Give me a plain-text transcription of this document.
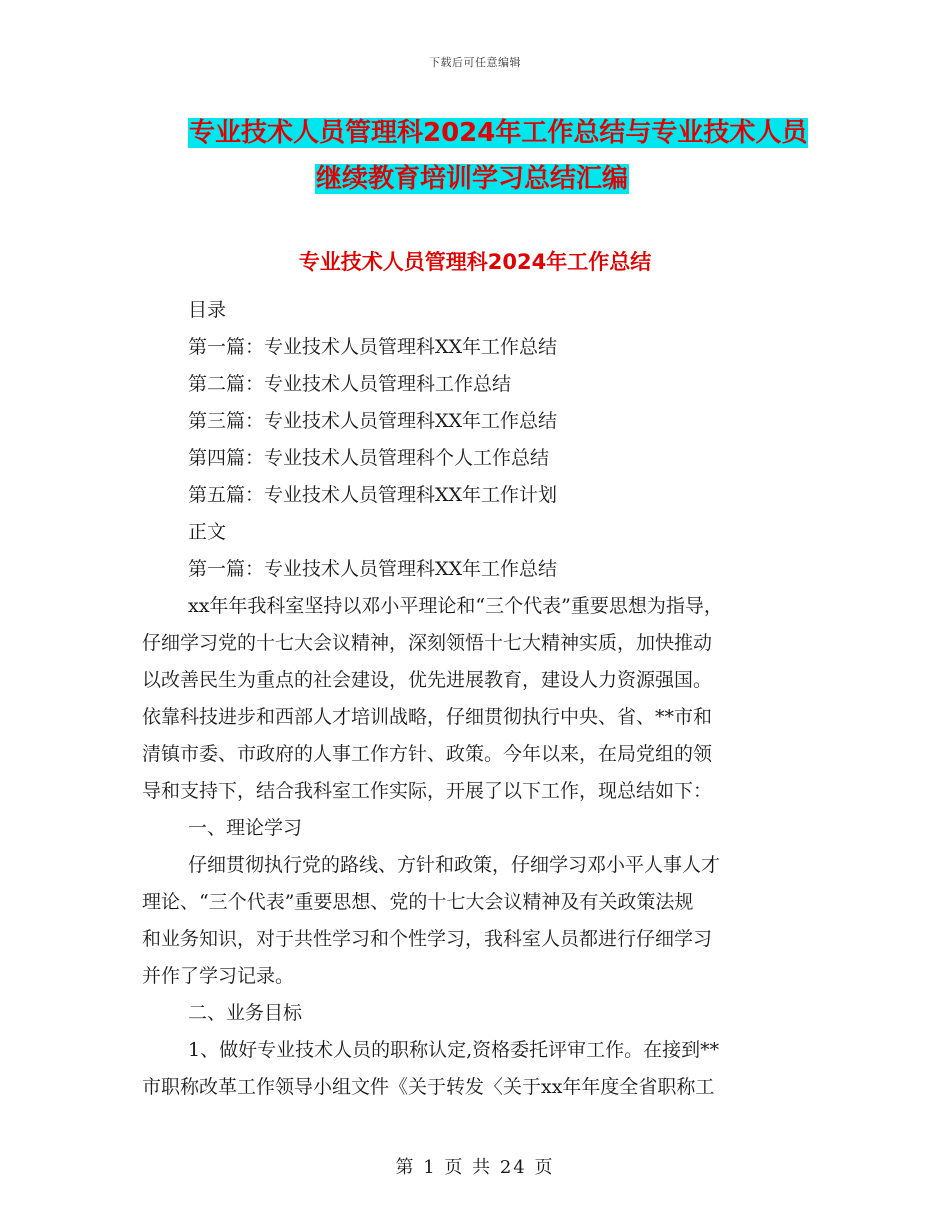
下载后可任意编辑
专业技术人员管理科2024年工作总结与专业技术人员
继续教育培训学习总结汇编
专业技术人员管理科2024年工作总结

目录

第一篇：专业技术人员管理科XX年工作总结

第二篇：专业技术人员管理科工作总结

第三篇：专业技术人员管理科XX年工作总结

第四篇：专业技术人员管理科个人工作总结

第五篇：专业技术人员管理科XX年工作计划

正文

第一篇：专业技术人员管理科XX年工作总结

xx年年我科室坚持以邓小平理论和“三个代表”重要思想为指导，

仔细学习党的十七大会议精神，深刻领悟十七大精神实质，加快推动

以改善民生为重点的社会建设，优先进展教育，建设人力资源强国。

依靠科技进步和西部人才培训战略，仔细贯彻执行中央、省、**市和

清镇市委、市政府的人事工作方针、政策。今年以来，在局党组的领

导和支持下，结合我科室工作实际，开展了以下工作，现总结如下：

一、理论学习

仔细贯彻执行党的路线、方针和政策，仔细学习邓小平人事人才

理论、“三个代表”重要思想、党的十七大会议精神及有关政策法规

和业务知识，对于共性学习和个性学习，我科室人员都进行仔细学习

并作了学习记录。

二、业务目标

1、做好专业技术人员的职称认定,资格委托评审工作。在接到**

市职称改革工作领导小组文件《关于转发〈关于xx年年度全省职称工

第 1 页 共 24 页
